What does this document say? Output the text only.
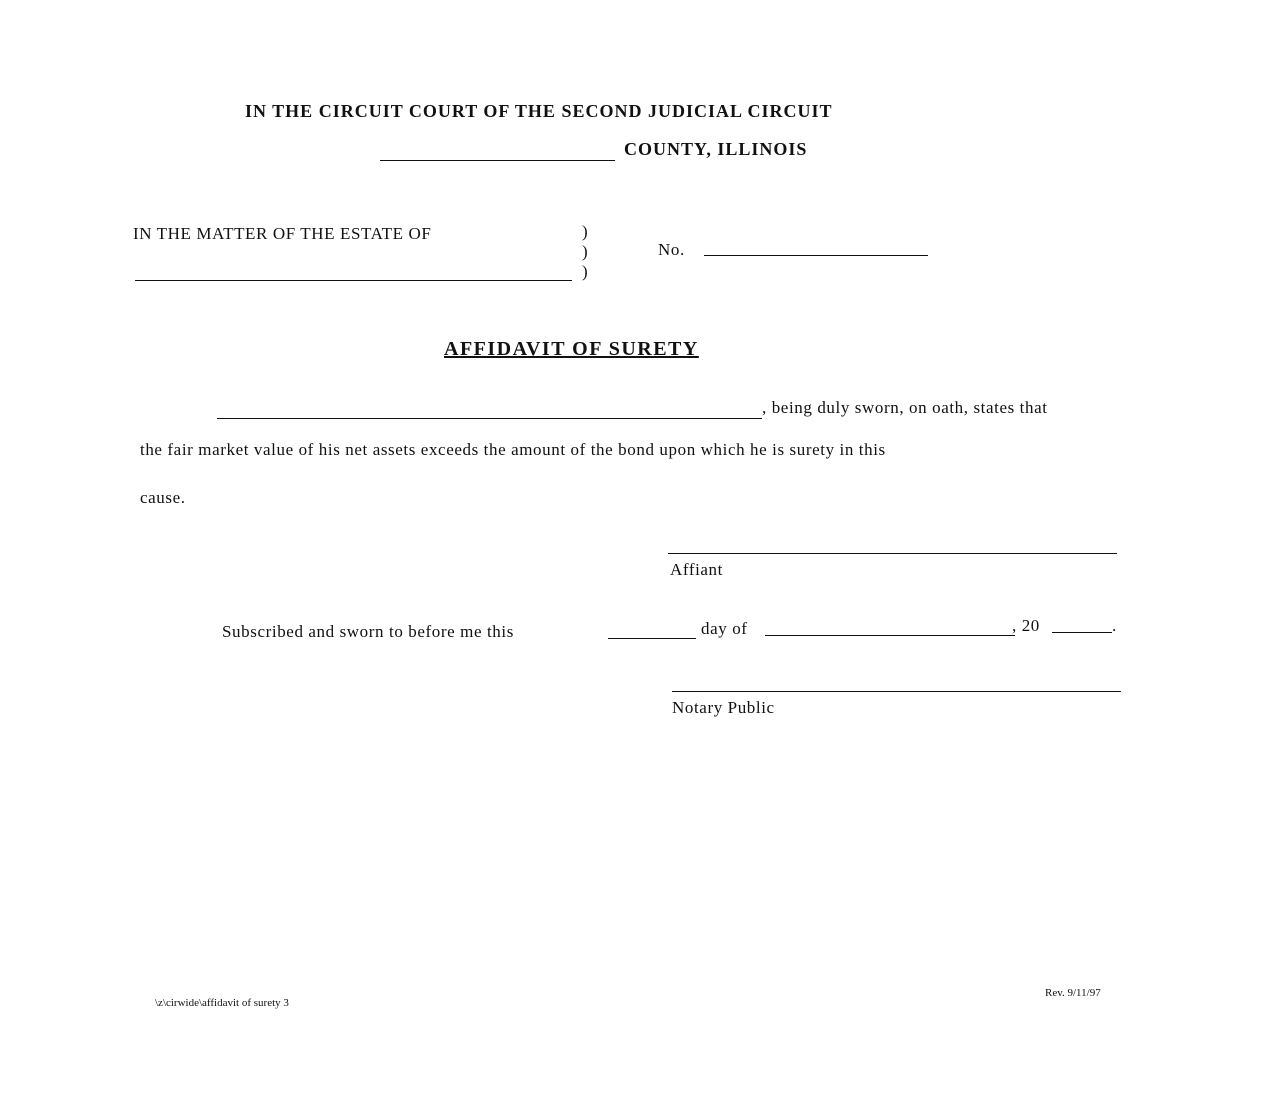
IN THE CIRCUIT COURT OF THE SECOND JUDICIAL CIRCUIT
COUNTY, ILLINOIS
IN THE MATTER OF THE ESTATE OF	)
)
)
No.
AFFIDAVIT OF SURETY
, being duly sworn, on oath, states that
the fair market value of his net assets exceeds the amount of the bond upon which he is surety in this
cause.
Affiant
Subscribed and sworn to before me this	day of	, 20	.
Notary Public
\z\cirwide\affidavit of surety 3
Rev. 9/11/97
